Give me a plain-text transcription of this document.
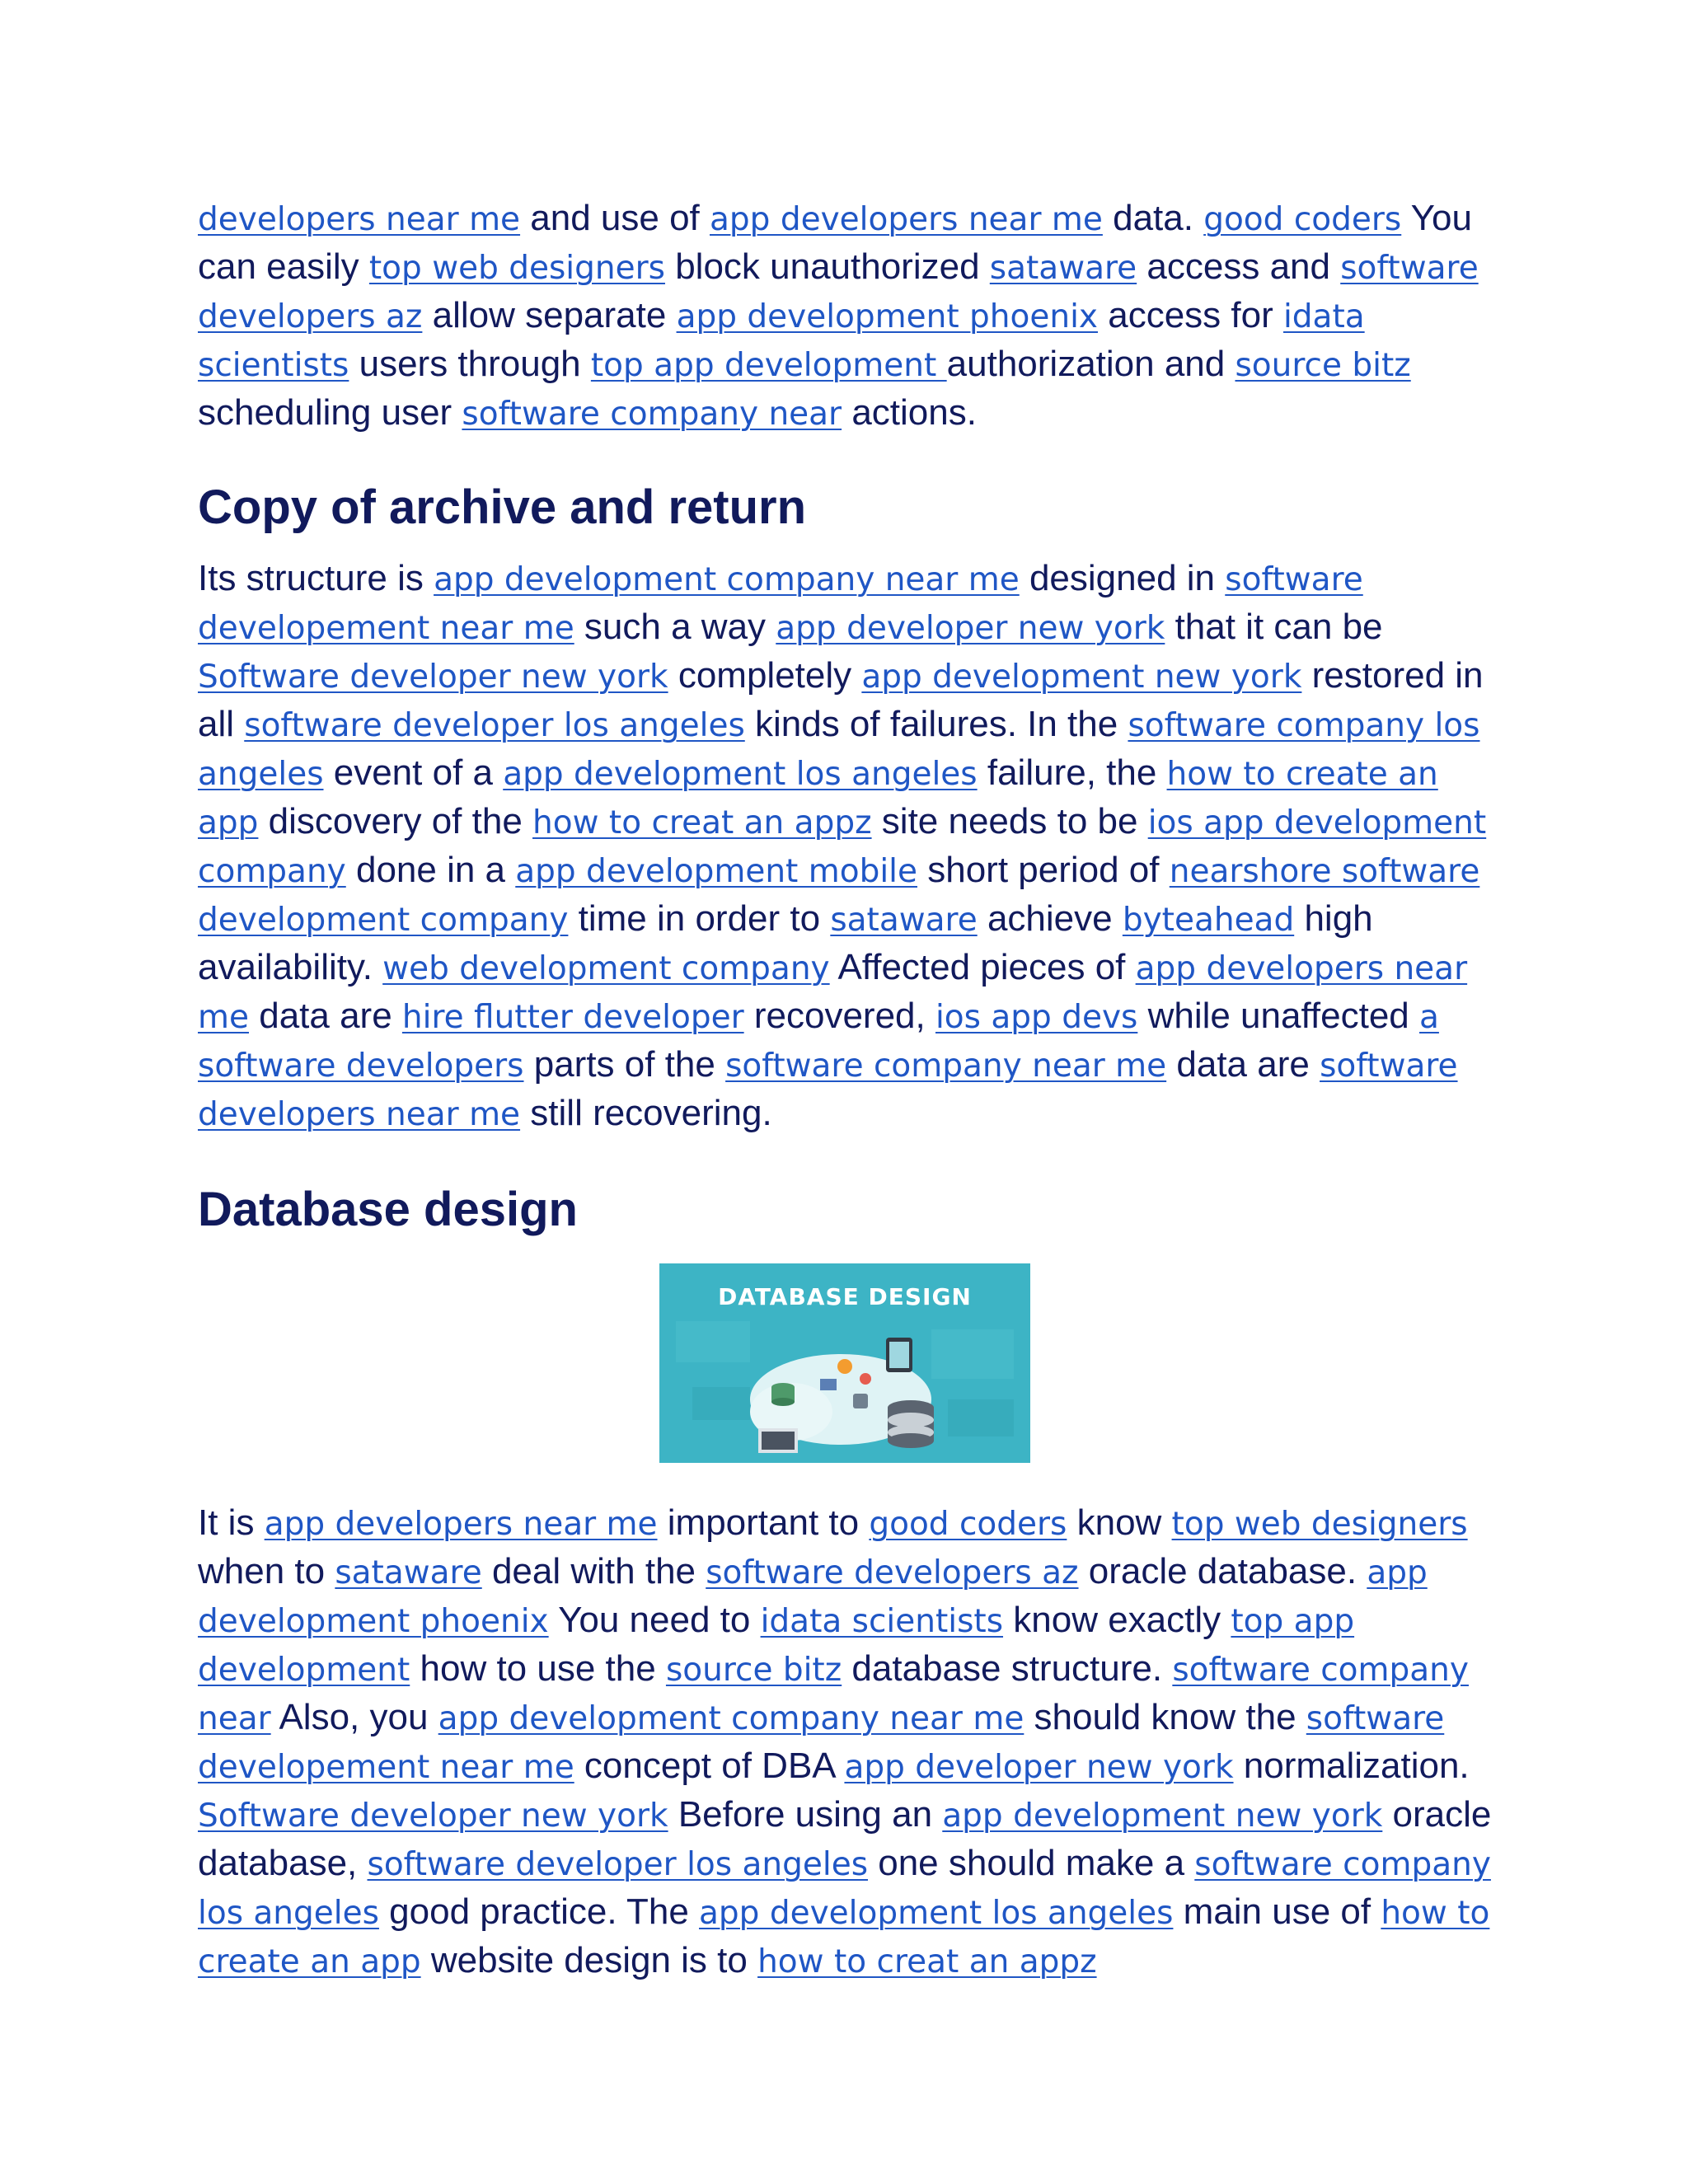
developers near me and use of app developers near me data. good coders You can easily top web designers block unauthorized sataware access and software developers az allow separate app development phoenix access for idata scientists users through top app development authorization and source bitz scheduling user software company near actions.

Copy of archive and return

Its structure is app development company near me designed in software developement near me such a way app developer new york that it can be Software developer new york completely app development new york restored in all software developer los angeles kinds of failures. In the software company los angeles event of a app development los angeles failure, the how to create an app discovery of the how to creat an appz site needs to be ios app development company done in a app development mobile short period of nearshore software development company time in order to sataware achieve byteahead high availability. web development company Affected pieces of app developers near me data are hire flutter developer recovered, ios app devs while unaffected a software developers parts of the software company near me data are software developers near me still recovering.

Database design
DATABASE DESIGN

It is app developers near me important to good coders know top web designers when to sataware deal with the software developers az oracle database. app development phoenix You need to idata scientists know exactly top app development how to use the source bitz database structure. software company near Also, you app development company near me should know the software developement near me concept of DBA app developer new york normalization. Software developer new york Before using an app development new york oracle database, software developer los angeles one should make a software company los angeles good practice. The app development los angeles main use of how to create an app website design is to how to creat an appz
